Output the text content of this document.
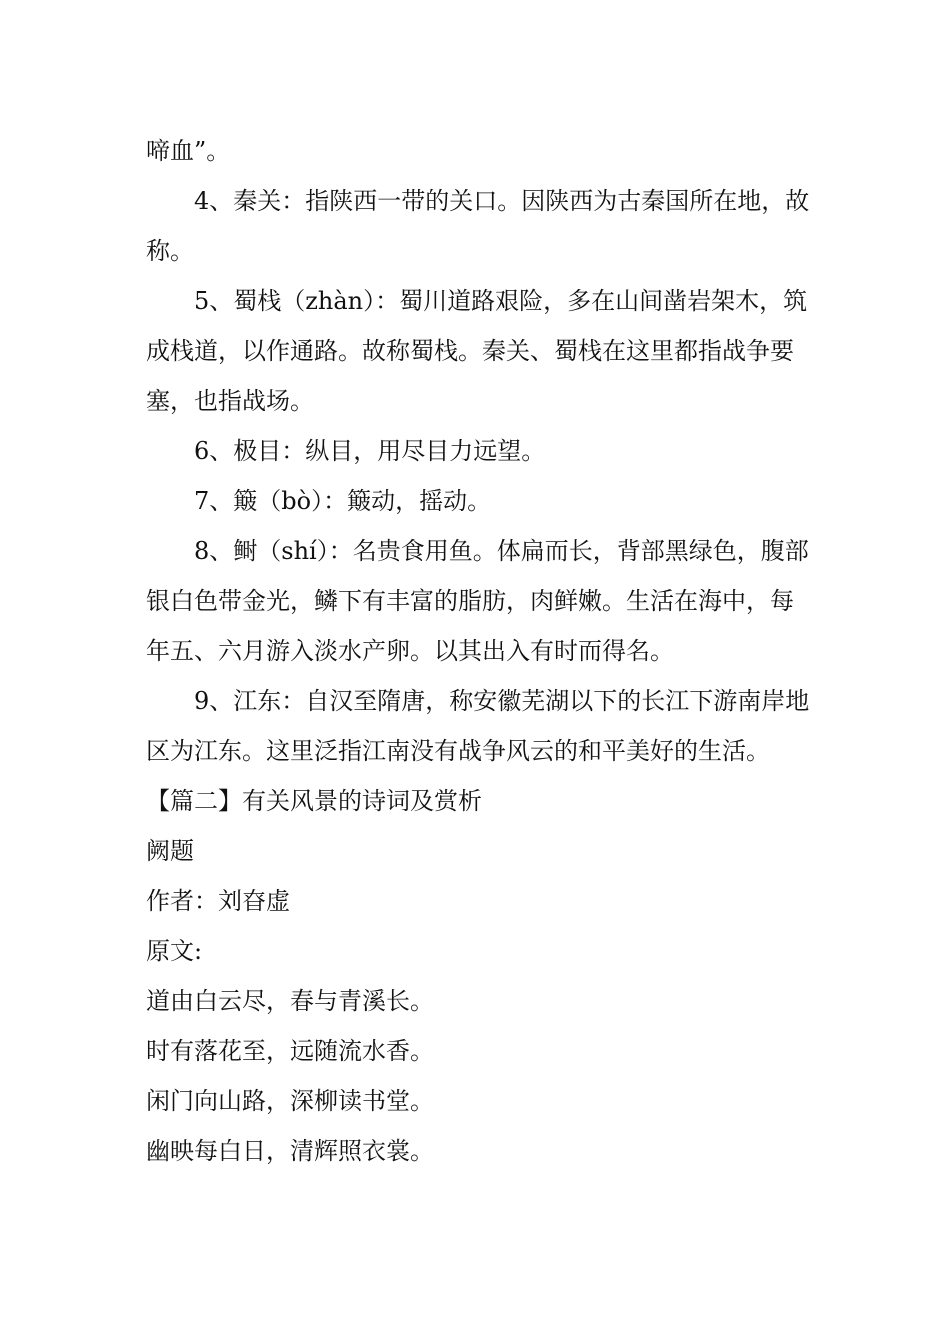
啼血”。

4、秦关：指陕西一带的关口。因陕西为古秦国所在地，故称。

5、蜀栈（zhàn）：蜀川道路艰险，多在山间凿岩架木，筑成栈道，以作通路。故称蜀栈。秦关、蜀栈在这里都指战争要塞，也指战场。

6、极目：纵目，用尽目力远望。

7、簸（bò）：簸动，摇动。

8、鲥（shí）：名贵食用鱼。体扁而长，背部黑绿色，腹部银白色带金光，鳞下有丰富的脂肪，肉鲜嫩。生活在海中，每年五、六月游入淡水产卵。以其出入有时而得名。

9、江东：自汉至隋唐，称安徽芜湖以下的长江下游南岸地区为江东。这里泛指江南没有战争风云的和平美好的生活。

【篇二】有关风景的诗词及赏析

阙题

作者：刘昚虚

原文:

道由白云尽，春与青溪长。

时有落花至，远随流水香。

闲门向山路，深柳读书堂。

幽映每白日，清辉照衣裳。
